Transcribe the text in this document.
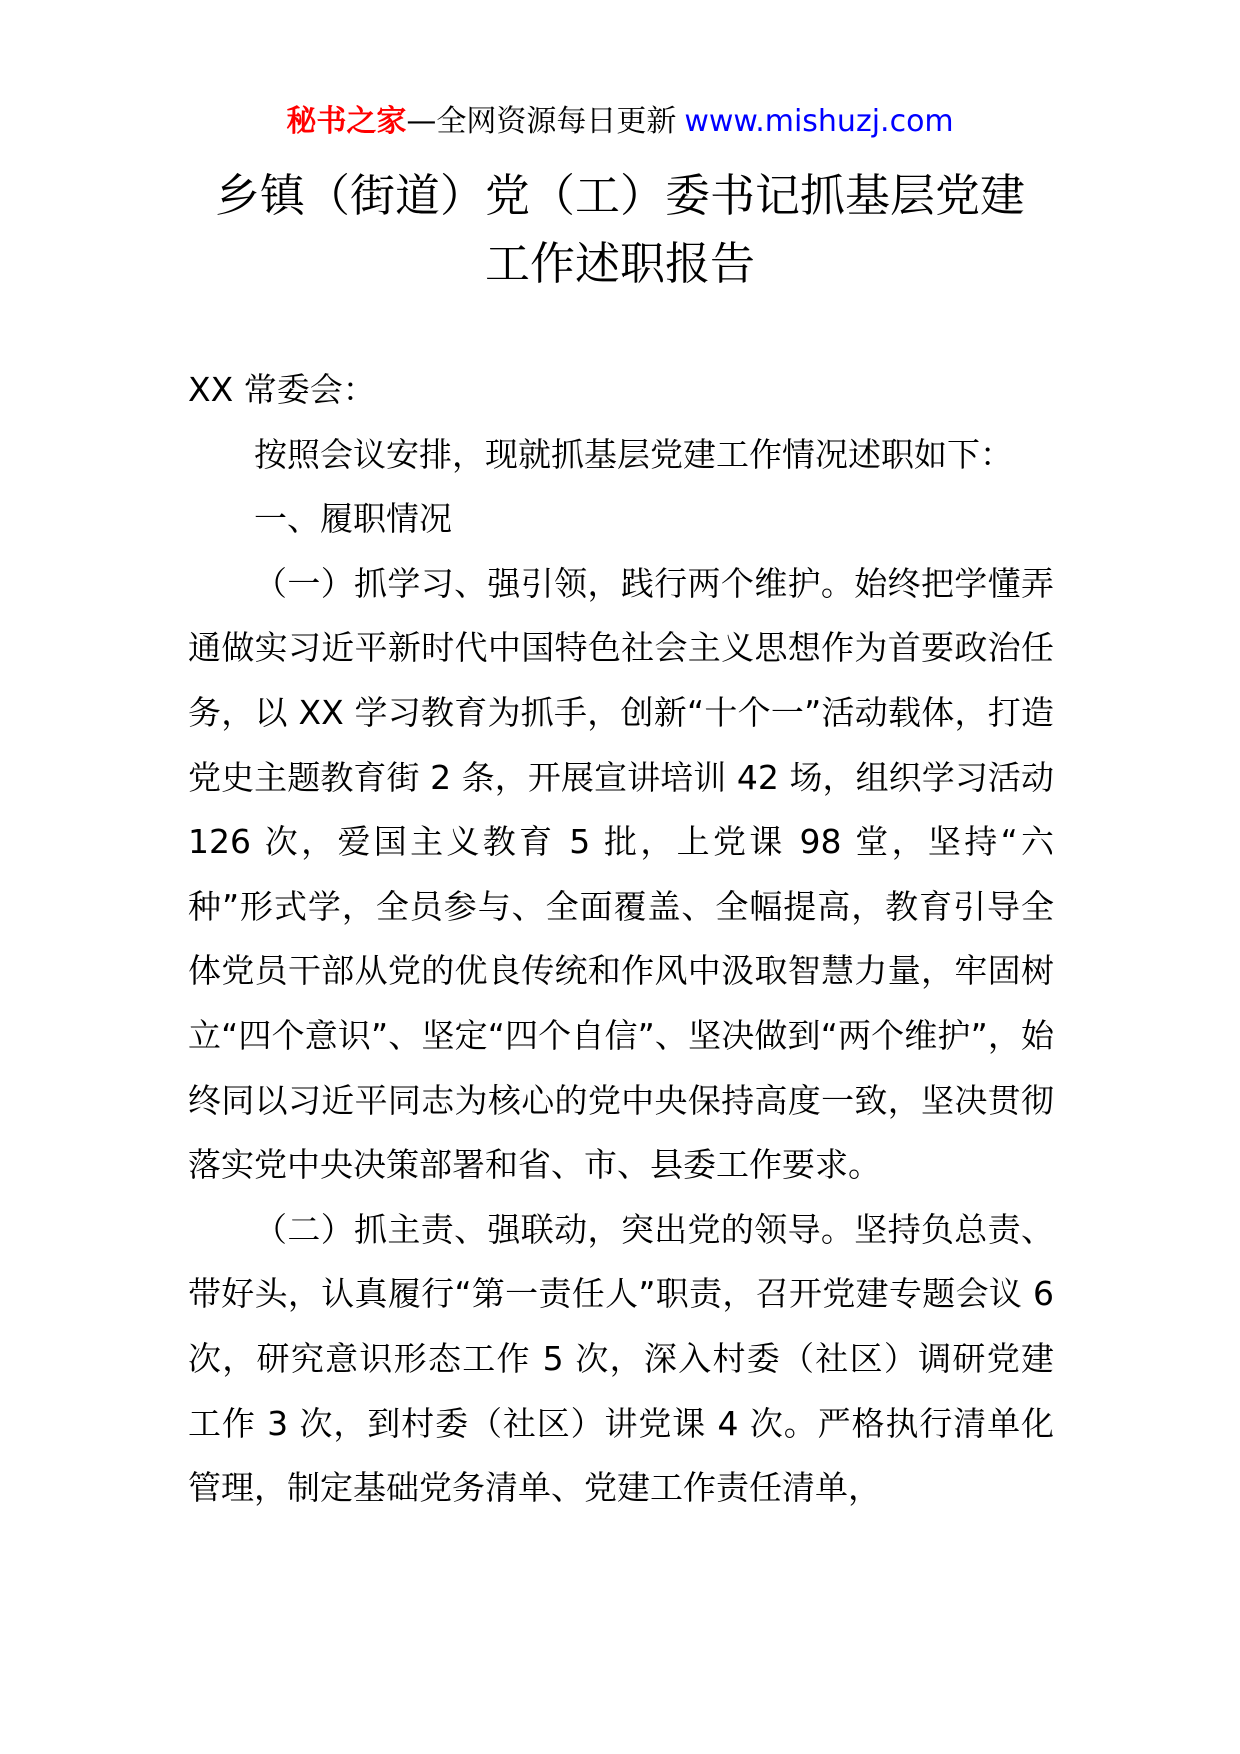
秘书之家—全网资源每日更新 www.mishuzj.com
乡镇（街道）党（工）委书记抓基层党建
工作述职报告

XX 常委会：

按照会议安排，现就抓基层党建工作情况述职如下：

一、履职情况

（一）抓学习、强引领，践行两个维护。始终把学懂弄通做实习近平新时代中国特色社会主义思想作为首要政治任务，以 XX 学习教育为抓手，创新“十个一”活动载体，打造党史主题教育街 2 条，开展宣讲培训 42 场，组织学习活动 126 次，爱国主义教育 5 批，上党课 98 堂，坚持“六种”形式学，全员参与、全面覆盖、全幅提高，教育引导全体党员干部从党的优良传统和作风中汲取智慧力量，牢固树立“四个意识”、坚定“四个自信”、坚决做到“两个维护”，始终同以习近平同志为核心的党中央保持高度一致，坚决贯彻落实党中央决策部署和省、市、县委工作要求。

（二）抓主责、强联动，突出党的领导。坚持负总责、带好头，认真履行“第一责任人”职责，召开党建专题会议 6 次，研究意识形态工作 5 次，深入村委（社区）调研党建工作 3 次，到村委（社区）讲党课 4 次。严格执行清单化管理，制定基础党务清单、党建工作责任清单，
